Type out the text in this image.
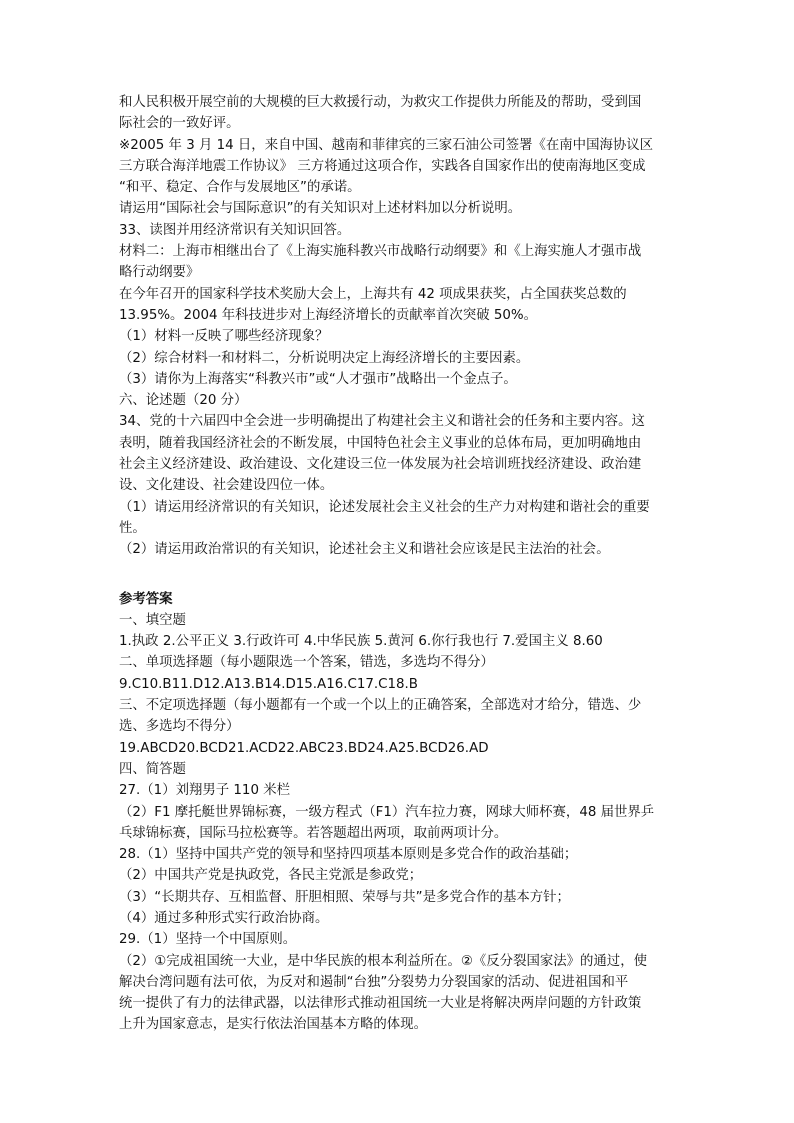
和人民积极开展空前的大规模的巨大救援行动，为救灾工作提供力所能及的帮助，受到国
际社会的一致好评。
※2005 年 3 月 14 日，来自中国、越南和菲律宾的三家石油公司签署《在南中国海协议区
三方联合海洋地震工作协议》 三方将通过这项合作，实践各自国家作出的使南海地区变成
“和平、稳定、合作与发展地区”的承诺。
请运用“国际社会与国际意识”的有关知识对上述材料加以分析说明。
33、读图并用经济常识有关知识回答。
材料二：上海市相继出台了《上海实施科教兴市战略行动纲要》和《上海实施人才强市战
略行动纲要》
在今年召开的国家科学技术奖励大会上，上海共有 42 项成果获奖，占全国获奖总数的
13.95%。2004 年科技进步对上海经济增长的贡献率首次突破 50%。
（1）材料一反映了哪些经济现象？
（2）综合材料一和材料二，分析说明决定上海经济增长的主要因素。
（3）请你为上海落实“科教兴市”或“人才强市”战略出一个金点子。
六、论述题（20 分）
34、党的十六届四中全会进一步明确提出了构建社会主义和谐社会的任务和主要内容。这
表明，随着我国经济社会的不断发展，中国特色社会主义事业的总体布局，更加明确地由
社会主义经济建设、政治建设、文化建设三位一体发展为社会培训班找经济建设、政治建
设、文化建设、社会建设四位一体。
（1）请运用经济常识的有关知识，论述发展社会主义社会的生产力对构建和谐社会的重要
性。
（2）请运用政治常识的有关知识，论述社会主义和谐社会应该是民主法治的社会。
参考答案
一、填空题
1.执政 2.公平正义 3.行政许可 4.中华民族 5.黄河 6.你行我也行 7.爱国主义 8.60
二、单项选择题（每小题限选一个答案，错选，多选均不得分）
9.C10.B11.D12.A13.B14.D15.A16.C17.C18.B
三、不定项选择题（每小题都有一个或一个以上的正确答案，全部选对才给分，错选、少
选、多选均不得分）
19.ABCD20.BCD21.ACD22.ABC23.BD24.A25.BCD26.AD
四、简答题
27.（1）刘翔男子 110 米栏
（2）F1 摩托艇世界锦标赛，一级方程式（F1）汽车拉力赛，网球大师杯赛，48 届世界乒
乓球锦标赛，国际马拉松赛等。若答题超出两项，取前两项计分。
28.（1）坚持中国共产党的领导和坚持四项基本原则是多党合作的政治基础；
（2）中国共产党是执政党，各民主党派是参政党；
（3）“长期共存、互相监督、肝胆相照、荣辱与共”是多党合作的基本方针；
（4）通过多种形式实行政治协商。
29.（1）坚持一个中国原则。
（2）①完成祖国统一大业，是中华民族的根本利益所在。②《反分裂国家法》的通过，使
解决台湾问题有法可依，为反对和遏制“台独”分裂势力分裂国家的活动、促进祖国和平
统一提供了有力的法律武器，以法律形式推动祖国统一大业是将解决两岸问题的方针政策
上升为国家意志，是实行依法治国基本方略的体现。
